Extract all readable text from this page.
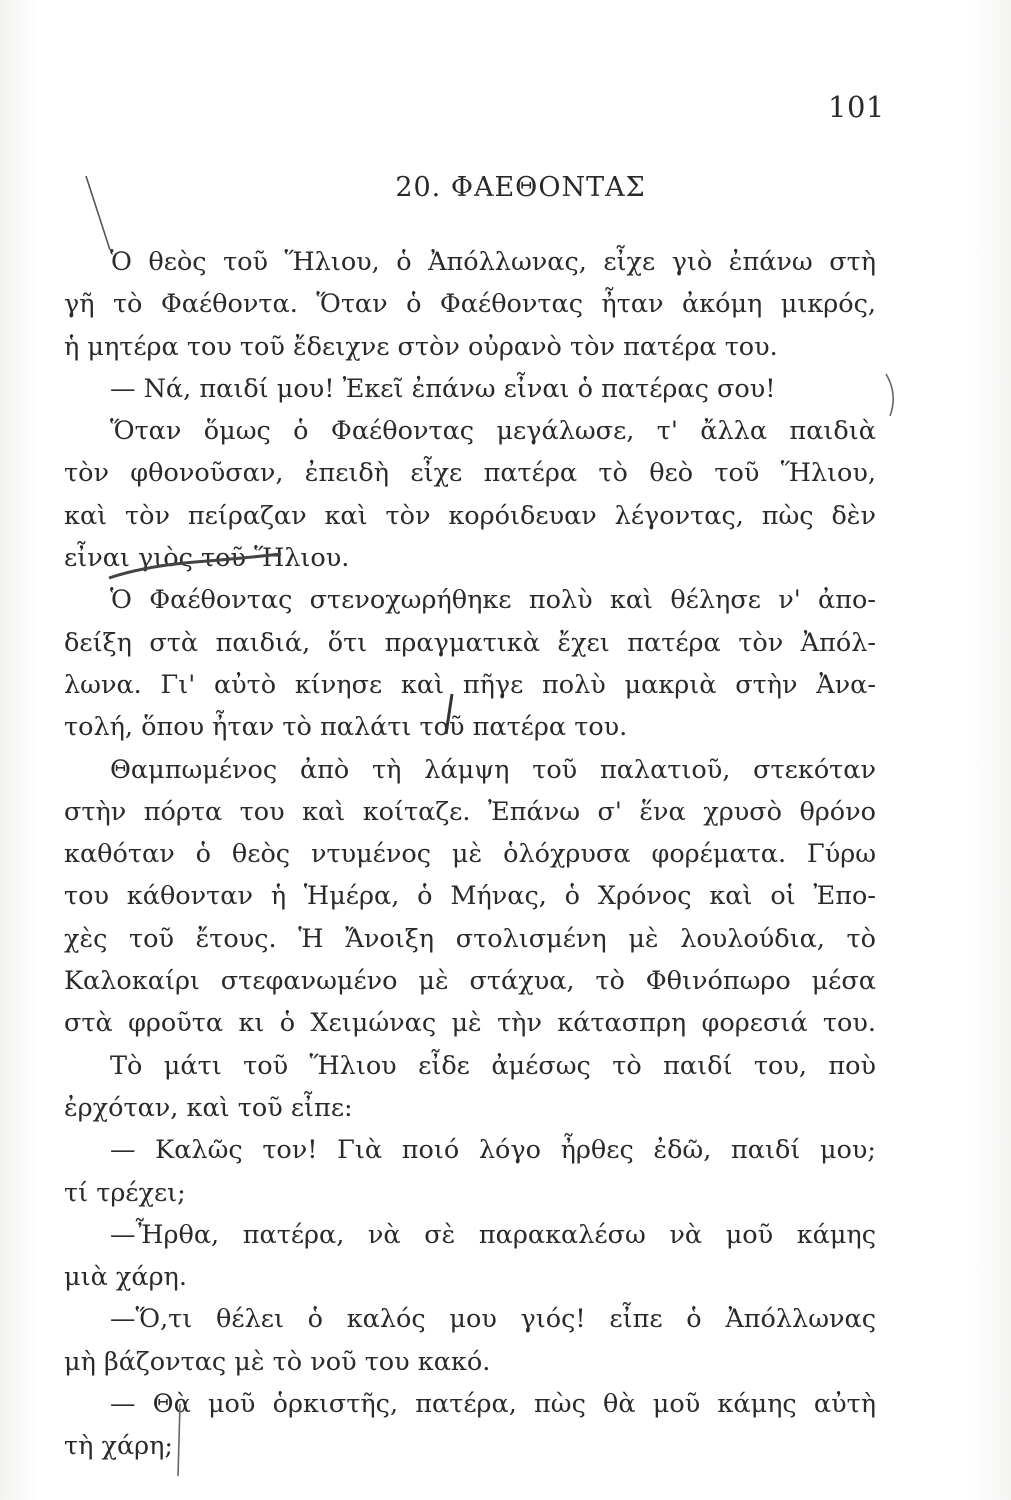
101
20. ΦΑΕΘΟΝΤΑΣ
Ὁ θεὸς τοῦ Ἥλιου, ὁ Ἀπόλλωνας, εἶχε γιὸ ἐπάνω στὴ
γῆ τὸ Φαέθοντα. Ὅταν ὁ Φαέθοντας ἦταν ἀκόμη μικρός,
ἡ μητέρα του τοῦ ἔδειχνε στὸν οὐρανὸ τὸν πατέρα του.
— Νά, παιδί μου! Ἐκεῖ ἐπάνω εἶναι ὁ πατέρας σου!
Ὅταν ὅμως ὁ Φαέθοντας μεγάλωσε, τ' ἄλλα παιδιὰ
τὸν φθονοῦσαν, ἐπειδὴ εἶχε πατέρα τὸ θεὸ τοῦ Ἥλιου,
καὶ τὸν πείραζαν καὶ τὸν κορόιδευαν λέγοντας, πὼς δὲν
εἶναι γιὸς τοῦ Ἥλιου.
Ὁ Φαέθοντας στενοχωρήθηκε πολὺ καὶ θέλησε ν' ἀπο-
δείξη στὰ παιδιά, ὅτι πραγματικὰ ἔχει πατέρα τὸν Ἀπόλ-
λωνα. Γι' αὐτὸ κίνησε καὶ πῆγε πολὺ μακριὰ στὴν Ἀνα-
τολή, ὅπου ἦταν τὸ παλάτι τοῦ πατέρα του.
Θαμπωμένος ἀπὸ τὴ λάμψη τοῦ παλατιοῦ, στεκόταν
στὴν πόρτα του καὶ κοίταζε. Ἐπάνω σ' ἕνα χρυσὸ θρόνο
καθόταν ὁ θεὸς ντυμένος μὲ ὁλόχρυσα φορέματα. Γύρω
του κάθονταν ἡ Ἡμέρα, ὁ Μήνας, ὁ Χρόνος καὶ οἱ Ἐπο-
χὲς τοῦ ἔτους. Ἡ Ἄνοιξη στολισμένη μὲ λουλούδια, τὸ
Καλοκαίρι στεφανωμένο μὲ στάχυα, τὸ Φθινόπωρο μέσα
στὰ φροῦτα κι ὁ Χειμώνας μὲ τὴν κάτασπρη φορεσιά του.
Τὸ μάτι τοῦ Ἥλιου εἶδε ἀμέσως τὸ παιδί του, ποὺ
ἐρχόταν, καὶ τοῦ εἶπε:
— Καλῶς τον! Γιὰ ποιό λόγο ἦρθες ἐδῶ, παιδί μου;
τί τρέχει;
—Ἦρθα, πατέρα, νὰ σὲ παρακαλέσω νὰ μοῦ κάμης
μιὰ χάρη.
—Ὅ,τι θέλει ὁ καλός μου γιός! εἶπε ὁ Ἀπόλλωνας
μὴ βάζοντας μὲ τὸ νοῦ του κακό.
— Θὰ μοῦ ὁρκιστῆς, πατέρα, πὼς θὰ μοῦ κάμης αὐτὴ
τὴ χάρη;
